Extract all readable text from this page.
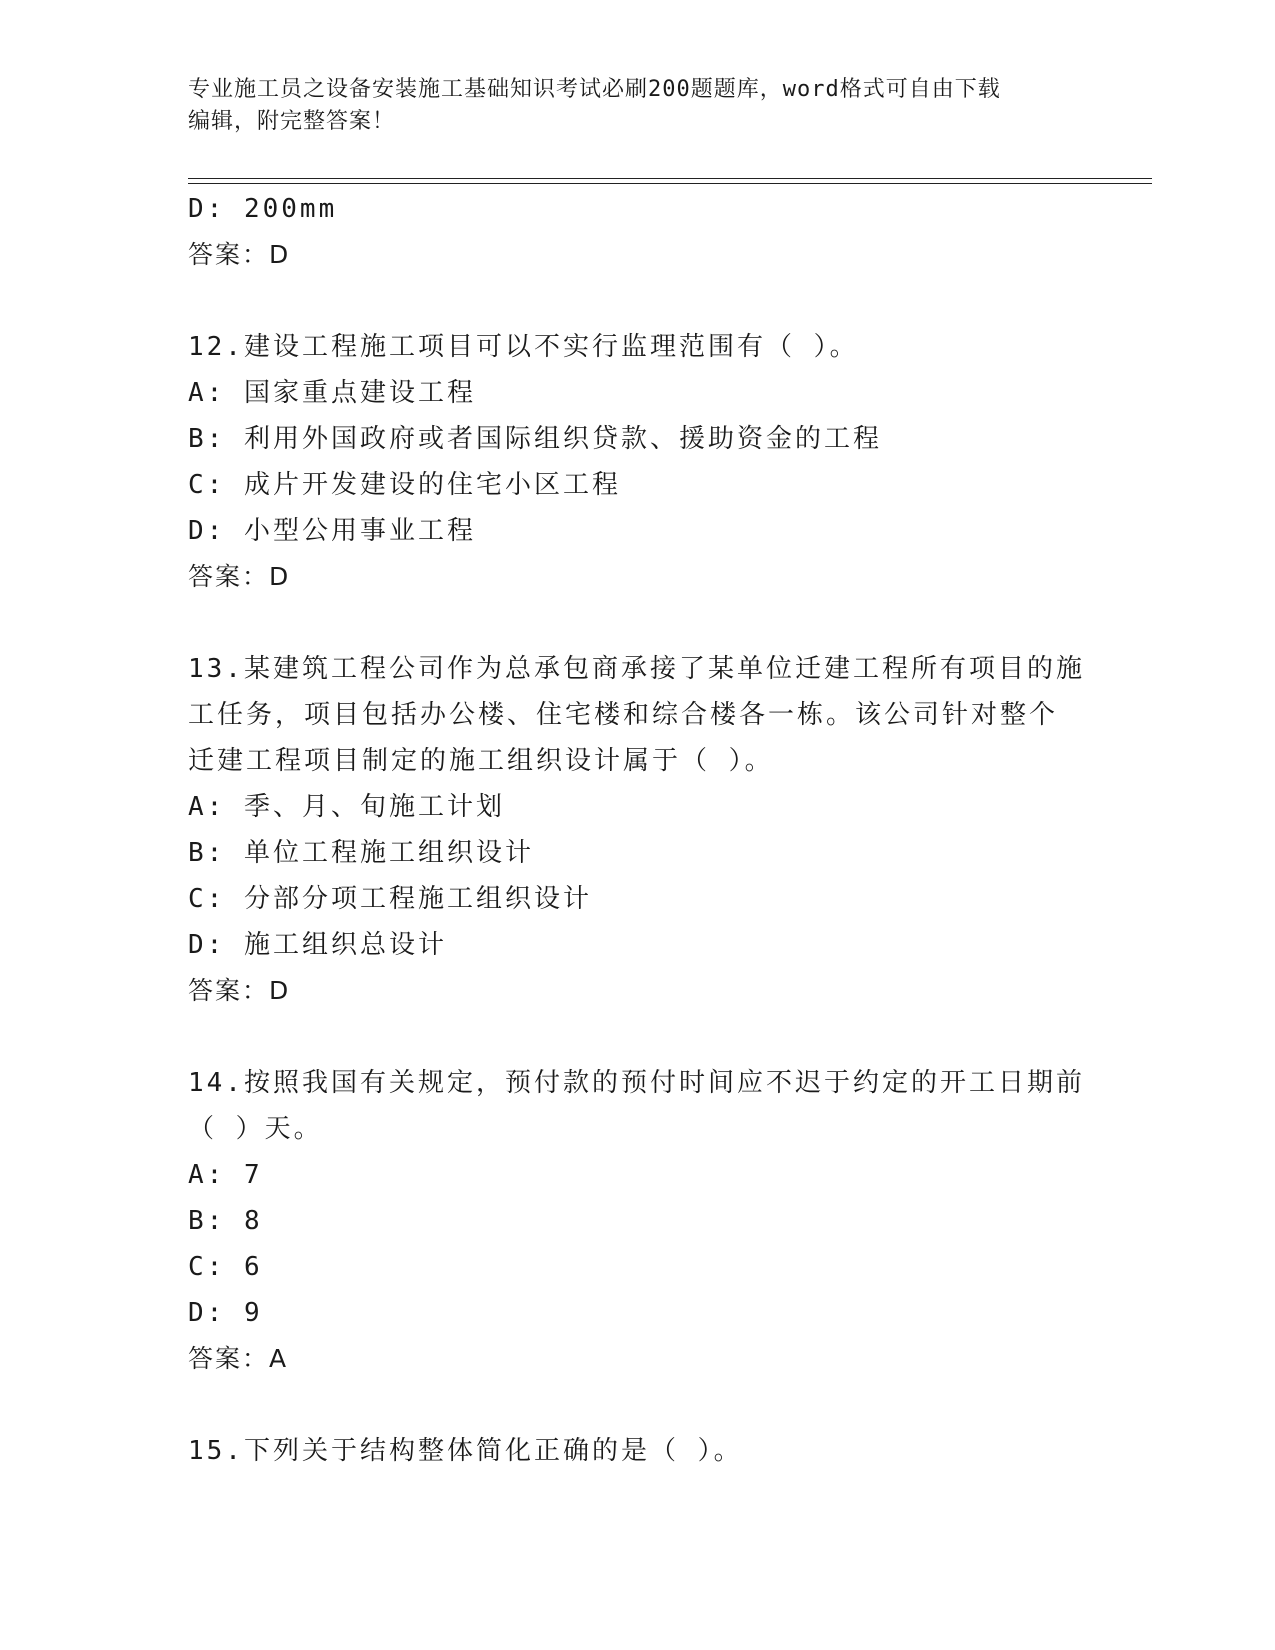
专业施工员之设备安装施工基础知识考试必刷200题题库，word格式可自由下载
编辑，附完整答案！
D: 200mm
答案：D
12.建设工程施工项目可以不实行监理范围有（ ）。
A: 国家重点建设工程
B: 利用外国政府或者国际组织贷款、援助资金的工程
C: 成片开发建设的住宅小区工程
D: 小型公用事业工程
答案：D
13.某建筑工程公司作为总承包商承接了某单位迁建工程所有项目的施
工任务，项目包括办公楼、住宅楼和综合楼各一栋。该公司针对整个
迁建工程项目制定的施工组织设计属于（ ）。
A: 季、月、旬施工计划
B: 单位工程施工组织设计
C: 分部分项工程施工组织设计
D: 施工组织总设计
答案：D
14.按照我国有关规定，预付款的预付时间应不迟于约定的开工日期前
（ ）天。
A: 7
B: 8
C: 6
D: 9
答案：A
15.下列关于结构整体简化正确的是（ ）。
